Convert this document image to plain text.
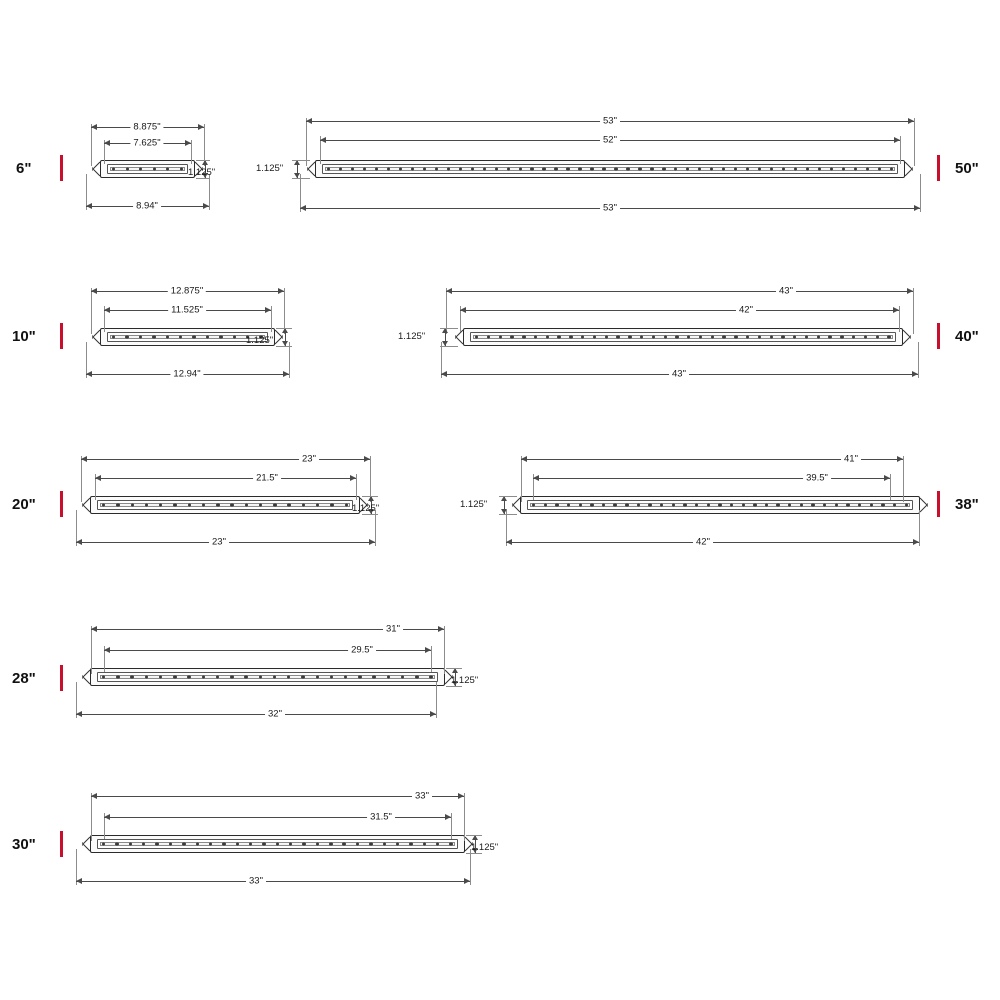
6"
8.875"
7.625"
8.94"
1.125"	50"
53"
52"
53"
1.125"
10"
12.875"
11.525"
12.94"
1.125"	40"
43"
42"
43"
1.125"
20"
23"
21.5"
23"
1.125"	38"
41"
39.5"
42"
1.125"
28"
31"
29.5"
32"
1.125"
30"
33"
31.5"
33"
1.125"
